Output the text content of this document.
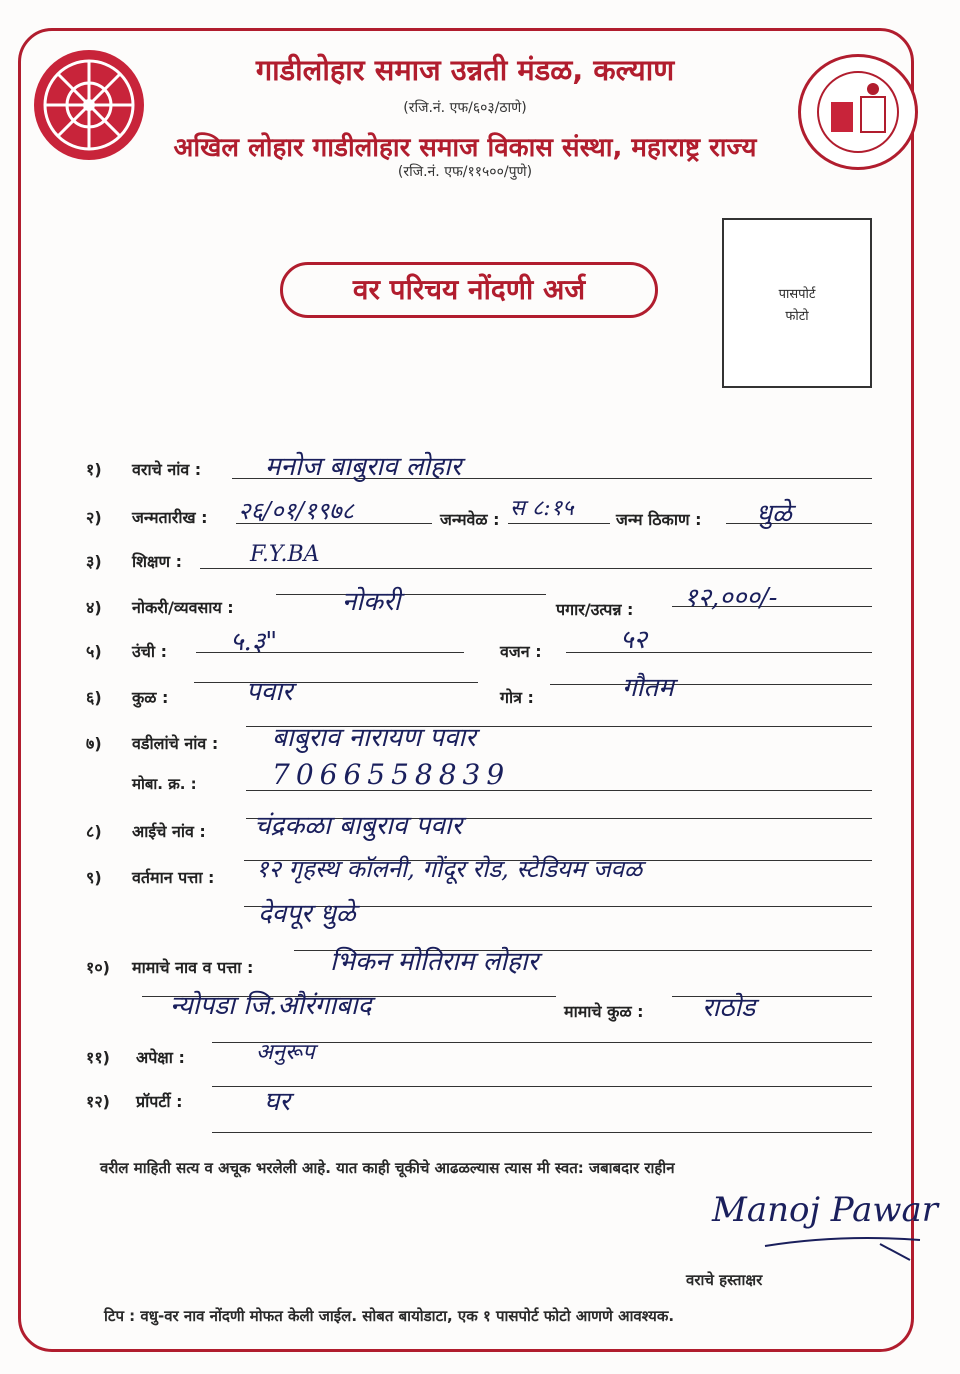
गाडीलोहार समाज उन्नती मंडळ, कल्याण
(रजि.नं. एफ/६०३/ठाणे)
अखिल लोहार गाडीलोहार समाज विकास संस्था, महाराष्ट्र राज्य
(रजि.नं. एफ/११५००/पुणे)
वर परिचय नोंदणी अर्ज	पासपोर्ट
फोटो
१) वराचे नांव : मनोज बाबुराव लोहार
२) जन्मतारीख : २६/०१/१९७८	जन्मवेळ : स ८:१५	जन्म ठिकाण : धुळे
३) शिक्षण :	F.Y.BA
४) नोकरी/व्यवसाय :	नोकरी	पगार/उत्पन्न : १२,०००/-
५) उंची : ५.३"	वजन :	५२
६) कुळ :	पवार	गोत्र :	गौतम
७) वडीलांचे नांव : बाबुराव नारायण पवार
मोबा. क्र. :	7066558839
८) आईचे नांव : चंद्रकळा बाबुराव पवार
९) वर्तमान पत्ता : १२ गृहस्थ कॉलनी, गोंदूर रोड, स्टेडियम जवळ
देवपूर धुळे
१०) मामाचे नाव व पत्ता :	भिकन मोतिराम लोहार
न्योपडा जि.औरंगाबाद	मामाचे कुळ : राठोड
११) अपेक्षा :	अनुरूप
१२) प्रॉपर्टी :	घर
वरील माहिती सत्य व अचूक भरलेली आहे. यात काही चूकीचे आढळल्यास त्यास मी स्वत: जबाबदार राहीन
Manoj Pawar
वराचे हस्ताक्षर
टिप : वधु-वर नाव नोंदणी मोफत केली जाईल. सोबत बायोडाटा, एक १ पासपोर्ट फोटो आणणे आवश्यक.
